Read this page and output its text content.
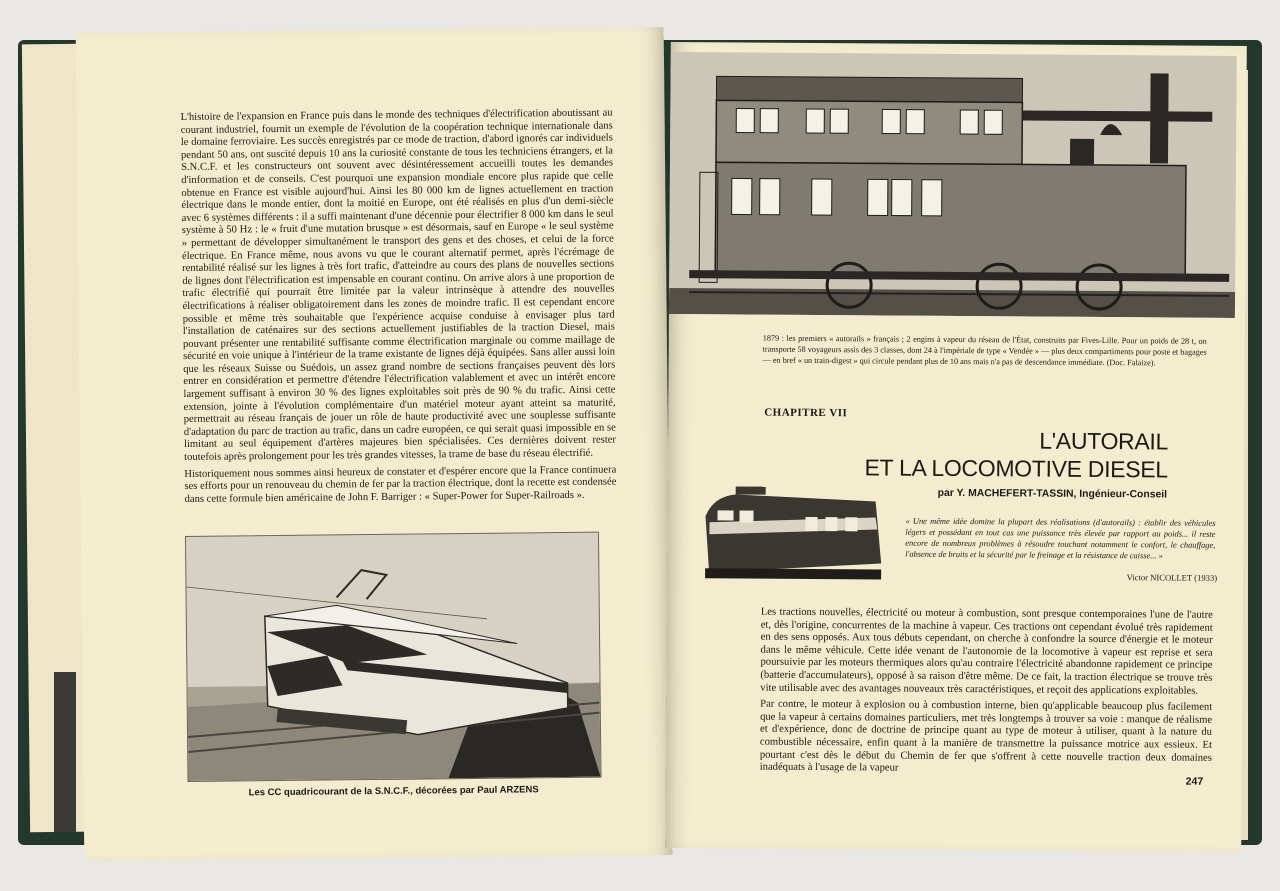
L'histoire de l'expansion en France puis dans le monde des techniques d'électrification aboutissant au courant industriel, fournit un exemple de l'évolution de la coopération technique internationale dans le domaine ferroviaire. Les succès enregistrés par ce mode de traction, d'abord ignorés car individuels pendant 50 ans, ont suscité depuis 10 ans la curiosité constante de tous les techniciens étrangers, et la S.N.C.F. et les constructeurs ont souvent avec désintéressement accueilli toutes les demandes d'information et de conseils. C'est pourquoi une expansion mondiale encore plus rapide que celle obtenue en France est visible aujourd'hui. Ainsi les 80 000 km de lignes actuellement en traction électrique dans le monde entier, dont la moitié en Europe, ont été réalisés en plus d'un demi-siècle avec 6 systèmes différents : il a suffi maintenant d'une décennie pour électrifier 8 000 km dans le seul système à 50 Hz : le « fruit d'une mutation brusque » est désormais, sauf en Europe « le seul système » permettant de développer simultanément le transport des gens et des choses, et celui de la force électrique. En France même, nous avons vu que le courant alternatif permet, après l'écrémage de rentabilité réalisé sur les lignes à très fort trafic, d'atteindre au cours des plans de nouvelles sections de lignes dont l'électrification est impensable en courant continu. On arrive alors à une proportion de trafic électrifié qui pourrait être limitée par la valeur intrinsèque à attendre des nouvelles électrifications à réaliser obligatoirement dans les zones de moindre trafic. Il est cependant encore possible et même très souhaitable que l'expérience acquise conduise à envisager plus tard l'installation de caténaires sur des sections actuellement justifiables de la traction Diesel, mais pouvant présenter une rentabilité suffisante comme électrification marginale ou comme maillage de sécurité en voie unique à l'intérieur de la trame existante de lignes déjà équipées. Sans aller aussi loin que les réseaux Suisse ou Suédois, un assez grand nombre de sections françaises peuvent dès lors entrer en considération et permettre d'étendre l'électrification valablement et avec un intérêt encore largement suffisant à environ 30 % des lignes exploitables soit près de 90 % du trafic. Ainsi cette extension, jointe à l'évolution complémentaire d'un matériel moteur ayant atteint sa maturité, permettrait au réseau français de jouer un rôle de haute productivité avec une souplesse suffisante d'adaptation du parc de traction au trafic, dans un cadre européen, ce qui serait quasi impossible en se limitant au seul équipement d'artères majeures bien spécialisées. Ces dernières doivent rester toutefois après prolongement pour les très grandes vitesses, la trame de base du réseau électrifié.

Historiquement nous sommes ainsi heureux de constater et d'espérer encore que la France continuera ses efforts pour un renouveau du chemin de fer par la traction électrique, dont la recette est condensée dans cette formule bien américaine de John F. Barriger : « Super-Power for Super-Railroads ».

Les CC quadricourant de la S.N.C.F., décorées par Paul ARZENS
1879 : les premiers « autorails » français ; 2 engins à vapeur du réseau de l'État, construits par Fives-Lille. Pour un poids de 28 t, on transporte 58 voyageurs assis des 3 classes, dont 24 à l'impériale de type « Vendée » — plus deux compartiments pour poste et bagages — en bref « un train-digest » qui circule pendant plus de 10 ans mais n'a pas de descendance immédiate. (Doc. Falaize).
CHAPITRE VII
L'AUTORAIL
ET LA LOCOMOTIVE DIESEL
par Y. MACHEFERT-TASSIN, Ingénieur-Conseil
« Une même idée domine la plupart des réalisations (d'autorails) : établir des véhicules légers et possédant en tout cas une puissance très élevée par rapport au poids... il reste encore de nombreux problèmes à résoudre touchant notamment le confort, le chauffage, l'absence de bruits et la sécurité par le freinage et la résistance de caisse... »
Victor NICOLLET (1933)

Les tractions nouvelles, électricité ou moteur à combustion, sont presque contemporaines l'une de l'autre et, dès l'origine, concurrentes de la machine à vapeur. Ces tractions ont cependant évolué très rapidement en des sens opposés. Aux tous débuts cependant, on cherche à confondre la source d'énergie et le moteur dans le même véhicule. Cette idée venant de l'autonomie de la locomotive à vapeur est reprise et sera poursuivie par les moteurs thermiques alors qu'au contraire l'électricité abandonne rapidement ce principe (batterie d'accumulateurs), opposé à sa raison d'être même. De ce fait, la traction électrique se trouve très vite utilisable avec des avantages nouveaux très caractéristiques, et reçoit des applications exploitables.

Par contre, le moteur à explosion ou à combustion interne, bien qu'applicable beaucoup plus facilement que la vapeur à certains domaines particuliers, met très longtemps à trouver sa voie : manque de réalisme et d'expérience, donc de doctrine de principe quant au type de moteur à utiliser, quant à la nature du combustible nécessaire, enfin quant à la manière de transmettre la puissance motrice aux essieux. Et pourtant c'est dès le début du Chemin de fer que s'offrent à cette nouvelle traction deux domaines inadéquats à l'usage de la vapeur

247
